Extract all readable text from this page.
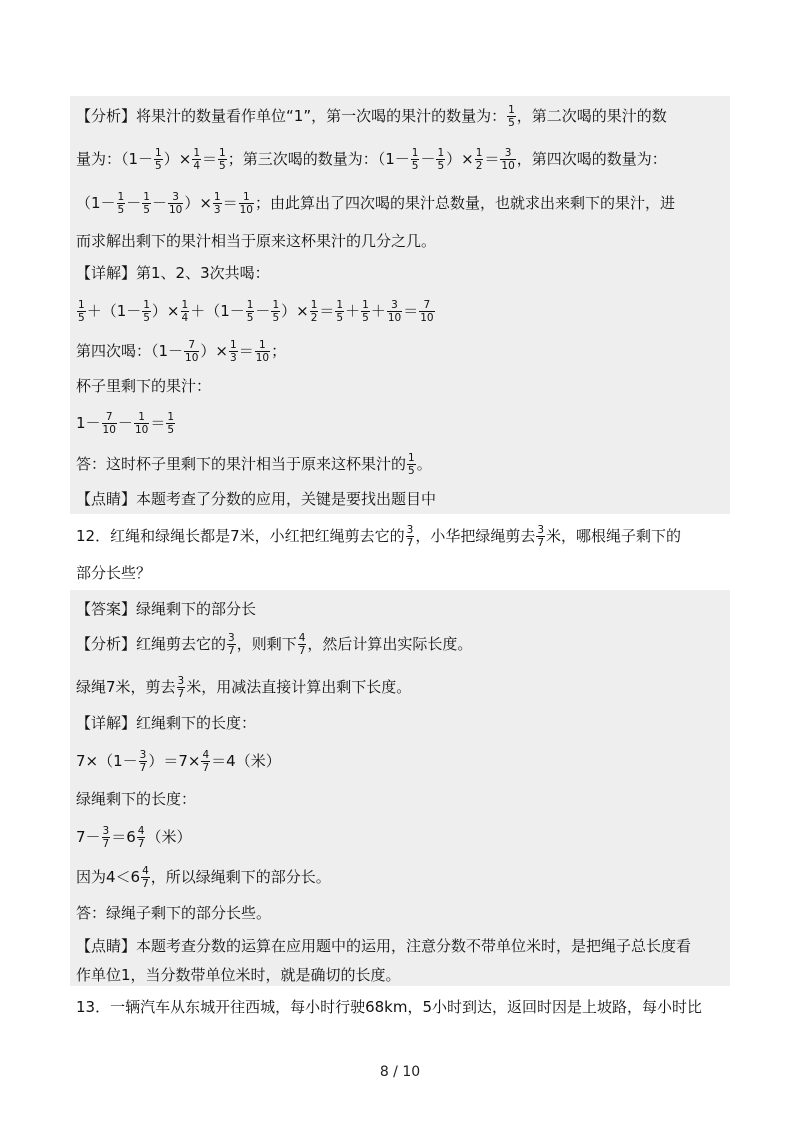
【分析】将果汁的数量看作单位“1”，第一次喝的果汁的数量为： $\frac{1}{5}$ ，第二次喝的果汁的数
量为：（$1- \frac{1}{5}$ ）× $\frac{1}{4} = \frac{1}{5}$ ；第三次喝的数量为：（$1- \frac{1}{5} - \frac{1}{5}$ ）× $\frac{1}{2} = \frac{3}{10}$ ，第四次喝的数量为：
（$1- \frac{1}{5} - \frac{1}{5} - \frac{3}{10}$ ）× $\frac{1}{3} = \frac{1}{10}$ ；由此算出了四次喝的果汁总数量，也就求出来剩下的果汁，进
而求解出剩下的果汁相当于原来这杯果汁的几分之几。
【详解】第1、2、3次共喝：
$\frac{1}{5} +(1- \frac{1}{5}$ ）× $\frac{1}{4} +(1- \frac{1}{5} - \frac{1}{5}$ ）× $\frac{1}{2} = \frac{1}{5} + \frac{1}{5} + \frac{3}{10} = \frac{7}{10}$
第四次喝：（$1- \frac{7}{10}$ ）× $\frac{1}{3} = \frac{1}{10}$ ；
杯子里剩下的果汁：
$1- \frac{7}{10} - \frac{1}{10} = \frac{1}{5}$
答：这时杯子里剩下的果汁相当于原来这杯果汁的 $\frac{1}{5}$ 。
【点睛】本题考查了分数的应用，关键是要找出题目中
12．红绳和绿绳长都是7米，小红把红绳剪去它的 $\frac{3}{7}$ ，小华把绿绳剪去 $\frac{3}{7}$ 米，哪根绳子剩下的
部分长些？
【答案】绿绳剩下的部分长
【分析】红绳剪去它的 $\frac{3}{7}$ ，则剩下 $\frac{4}{7}$ ，然后计算出实际长度。
绿绳7米，剪去 $\frac{3}{7}$ 米，用减法直接计算出剩下长度。
【详解】红绳剩下的长度：
$7\times(1- \frac{3}{7} )=7\times \frac{4}{7} =4$（米）
绿绳剩下的长度：
$7- \frac{3}{7} =6 \frac{4}{7}$ （米）
因为$4<6 \frac{4}{7}$ ，所以绿绳剩下的部分长。
答：绿绳子剩下的部分长些。
【点睛】本题考查分数的运算在应用题中的运用，注意分数不带单位米时，是把绳子总长度看
作单位1，当分数带单位米时，就是确切的长度。
13．一辆汽车从东城开往西城，每小时行驶68km，5小时到达，返回时因是上坡路，每小时比
8 / 10
